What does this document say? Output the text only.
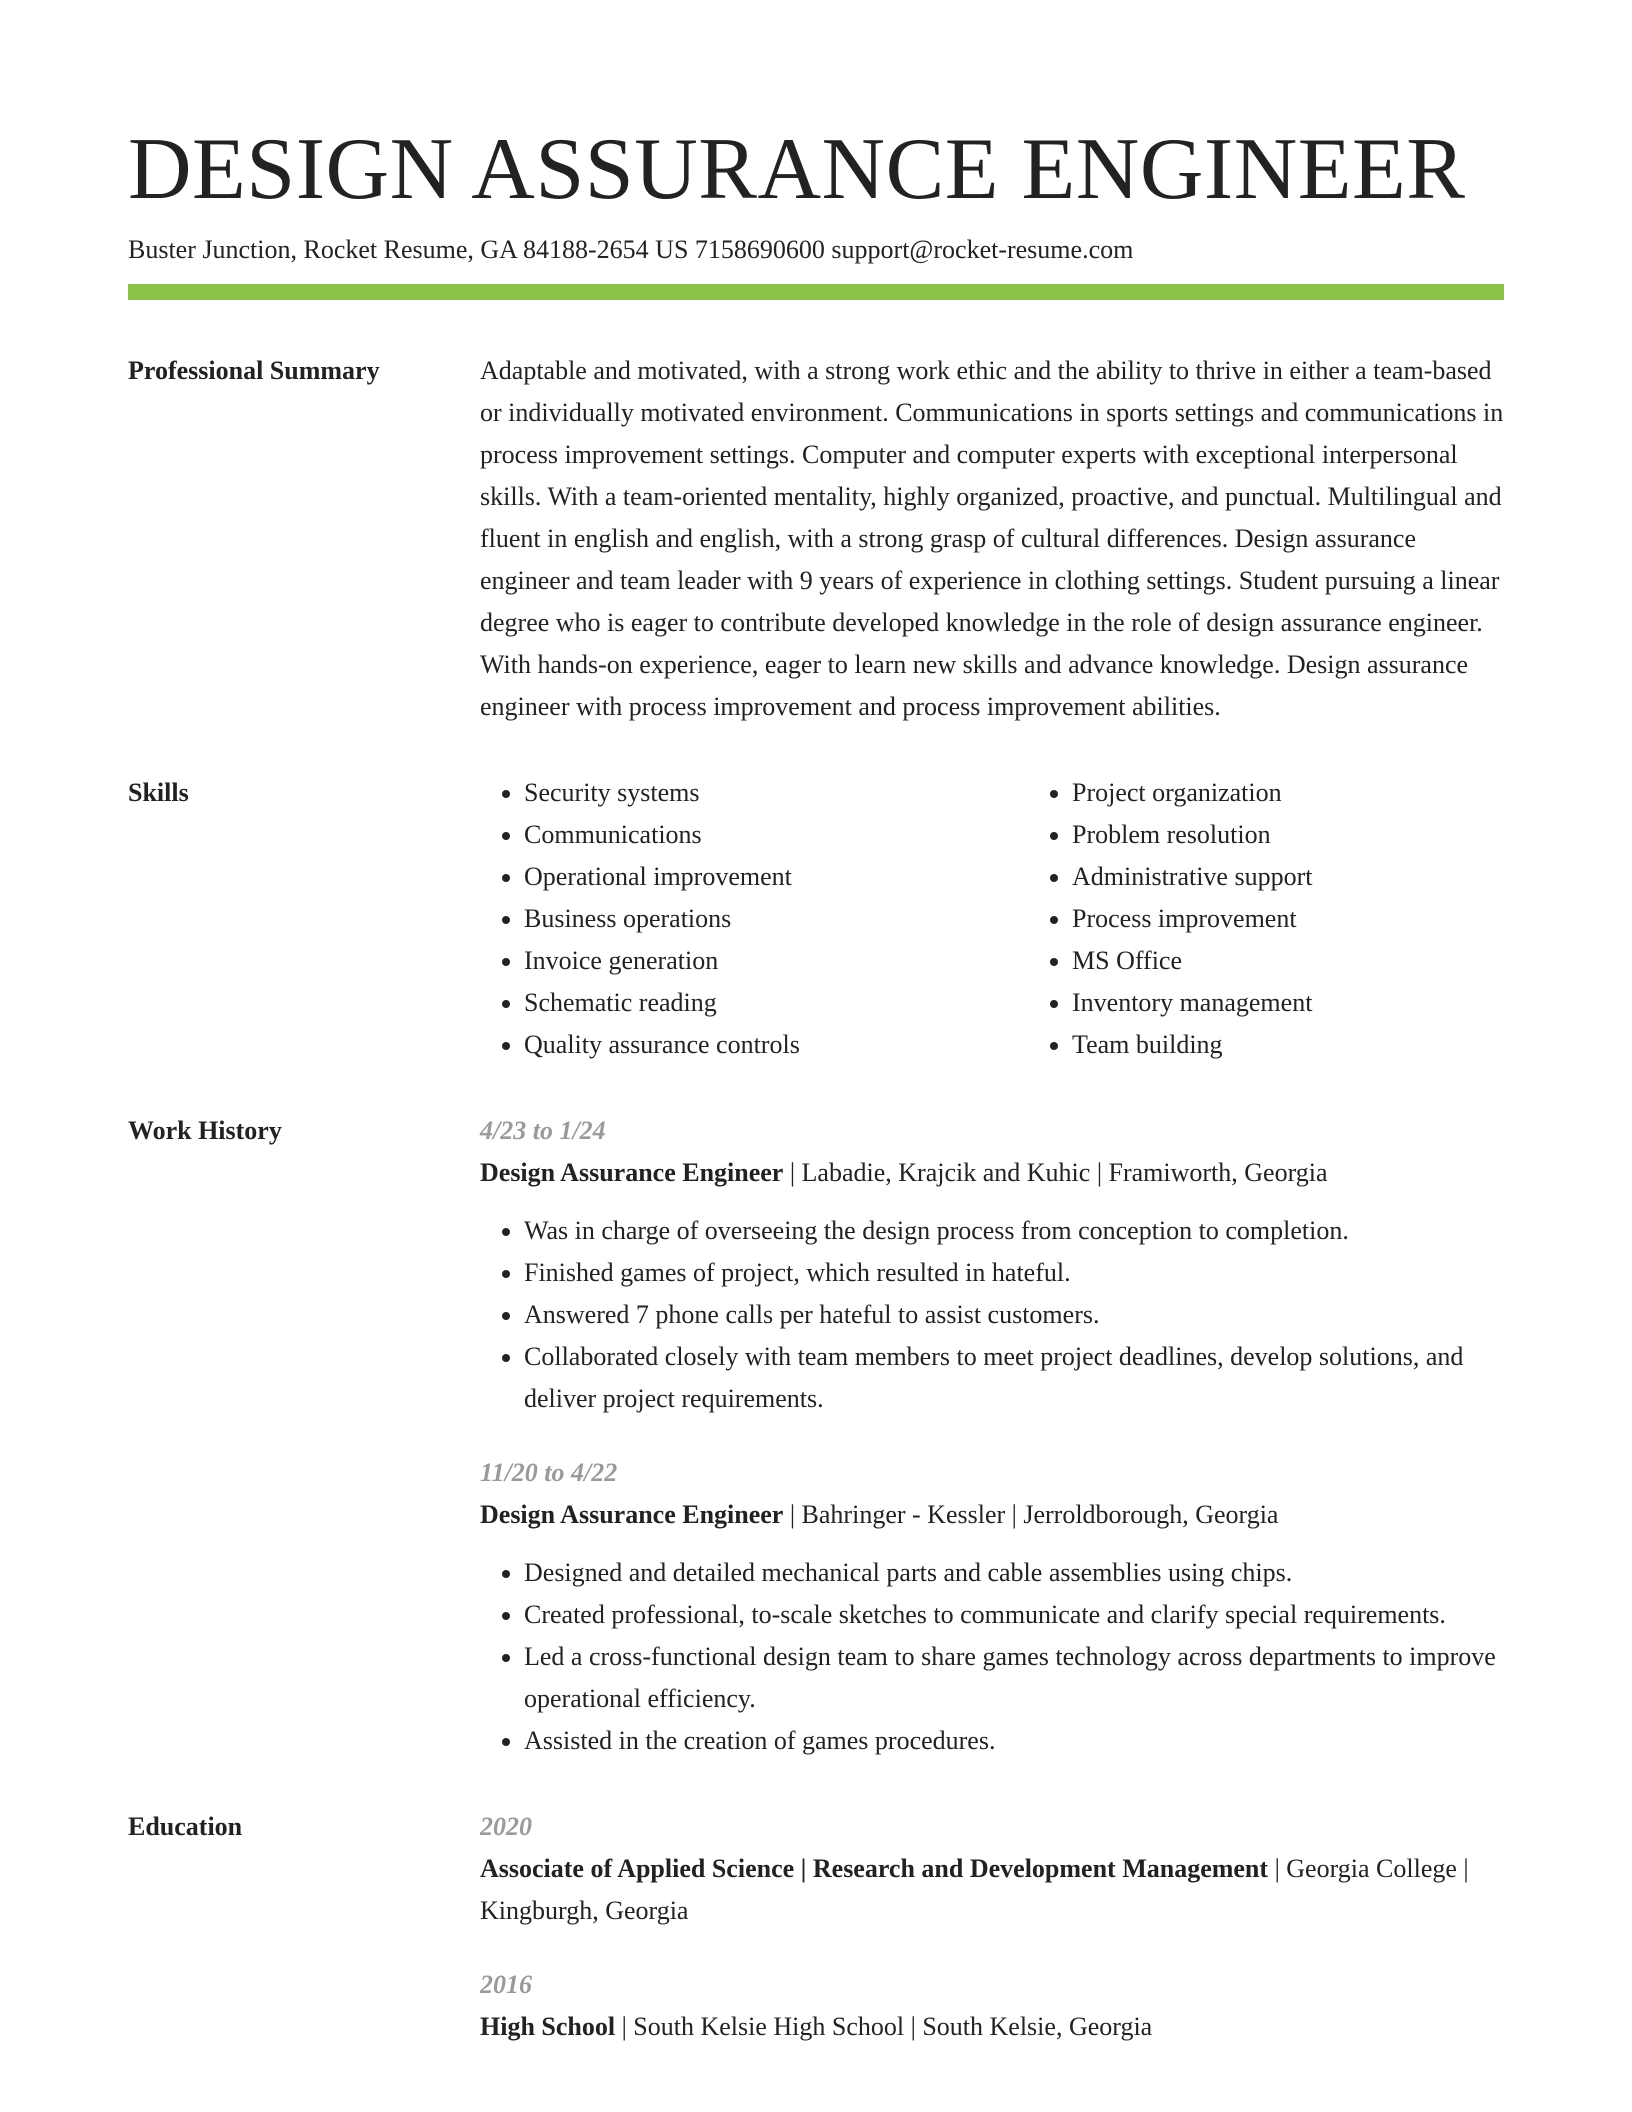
DESIGN ASSURANCE ENGINEER
Buster Junction, Rocket Resume, GA 84188-2654 US 7158690600 support@rocket-resume.com
Professional Summary	Adaptable and motivated, with a strong work ethic and the ability to thrive in either a team-based or individually motivated environment. Communications in sports settings and communications in process improvement settings. Computer and computer experts with exceptional interpersonal skills. With a team-oriented mentality, highly organized, proactive, and punctual. Multilingual and fluent in english and english, with a strong grasp of cultural differences. Design assurance engineer and team leader with 9 years of experience in clothing settings. Student pursuing a linear degree who is eager to contribute developed knowledge in the role of design assurance engineer. With hands-on experience, eager to learn new skills and advance knowledge. Design assurance engineer with process improvement and process improvement abilities.

Skills
•	Security systems
• Communications
• Operational improvement
• Business operations
• Invoice generation
• Schematic reading
• Quality assurance controls
• Project organization
• Problem resolution
• Administrative support
• Process improvement
• MS Office
• Inventory management
• Team building
Work History	4/23 to 1/24
Design Assurance Engineer | Labadie, Krajcik and Kuhic | Framiworth, Georgia
• Was in charge of overseeing the design process from conception to completion.
• Finished games of project, which resulted in hateful.
• Answered 7 phone calls per hateful to assist customers.
• Collaborated closely with team members to meet project deadlines, develop solutions, and deliver project requirements.
11/20 to 4/22
Design Assurance Engineer | Bahringer - Kessler | Jerroldborough, Georgia
• Designed and detailed mechanical parts and cable assemblies using chips.
• Created professional, to-scale sketches to communicate and clarify special requirements.
• Led a cross-functional design team to share games technology across departments to improve operational efficiency.
• Assisted in the creation of games procedures.
Education	2020
Associate of Applied Science | Research and Development Management | Georgia College | Kingburgh, Georgia
2016
High School | South Kelsie High School | South Kelsie, Georgia
